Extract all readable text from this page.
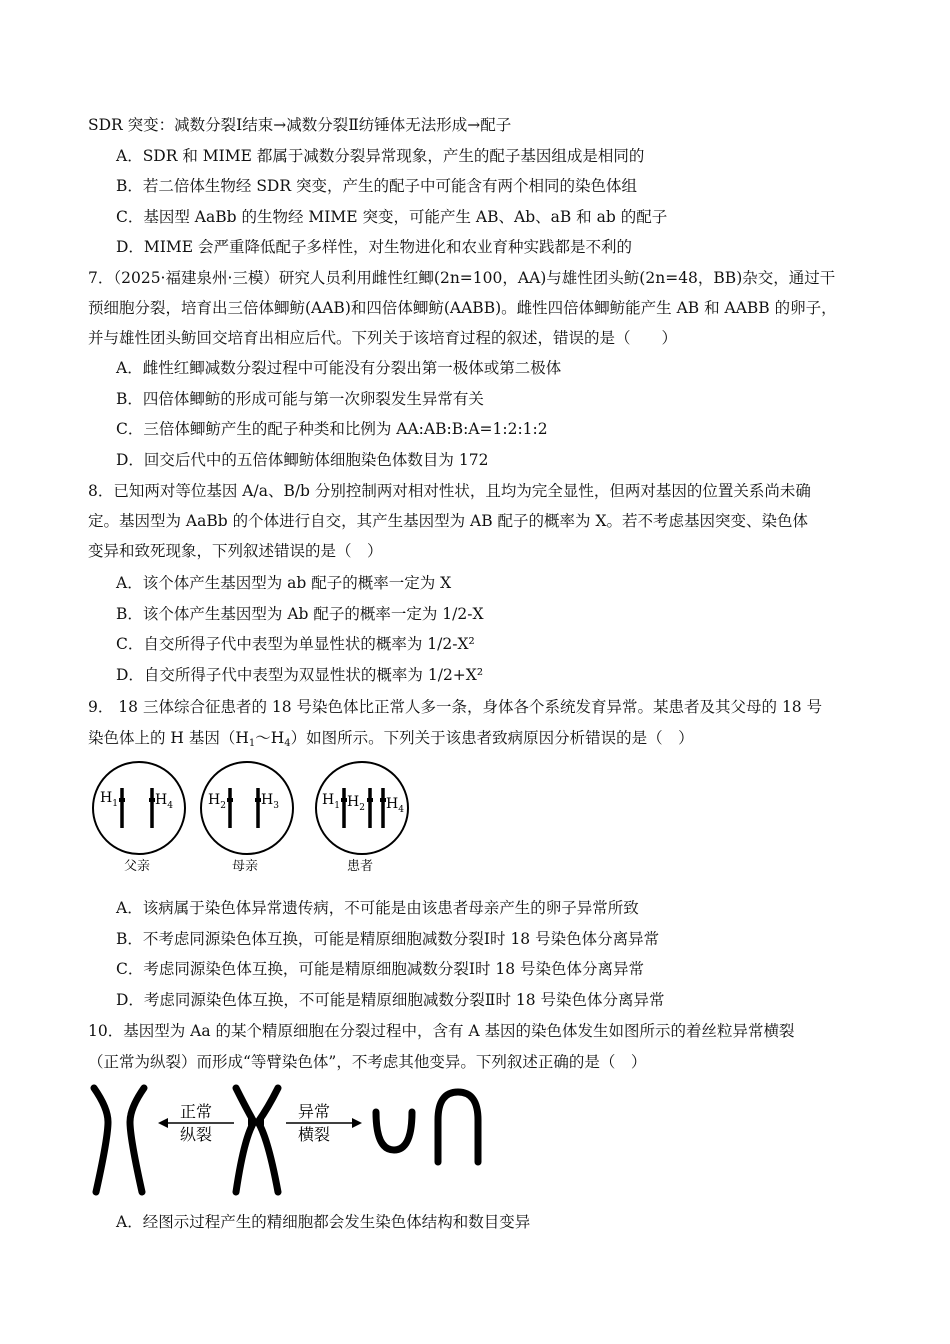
SDR 突变：减数分裂Ⅰ结束→减数分裂Ⅱ纺锤体无法形成→配子
A．SDR 和 MIME 都属于减数分裂异常现象，产生的配子基因组成是相同的
B．若二倍体生物经 SDR 突变，产生的配子中可能含有两个相同的染色体组
C．基因型 AaBb 的生物经 MIME 突变，可能产生 AB、Ab、aB 和 ab 的配子
D．MIME 会严重降低配子多样性，对生物进化和农业育种实践都是不利的
7．（2025·福建泉州·三模）研究人员利用雌性红鲫(2n=100，AA)与雄性团头鲂(2n=48，BB)杂交，通过干
预细胞分裂，培育出三倍体鲫鲂(AAB)和四倍体鲫鲂(AABB)。雌性四倍体鲫鲂能产生 AB 和 AABB 的卵子，
并与雄性团头鲂回交培育出相应后代。下列关于该培育过程的叙述，错误的是（　　）
A．雌性红鲫减数分裂过程中可能没有分裂出第一极体或第二极体
B．四倍体鲫鲂的形成可能与第一次卵裂发生异常有关
C．三倍体鲫鲂产生的配子种类和比例为 AA:AB:B:A=1:2:1:2
D．回交后代中的五倍体鲫鲂体细胞染色体数目为 172
8．已知两对等位基因 A/a、B/b 分别控制两对相对性状，且均为完全显性，但两对基因的位置关系尚未确
定。基因型为 AaBb 的个体进行自交，其产生基因型为 AB 配子的概率为 X。若不考虑基因突变、染色体
变异和致死现象，下列叙述错误的是（　）
A．该个体产生基因型为 ab 配子的概率一定为 X
B．该个体产生基因型为 Ab 配子的概率一定为 1/2-X
C．自交所得子代中表型为单显性状的概率为 1/2-X²
D．自交所得子代中表型为双显性状的概率为 1/2+X²
9． 18 三体综合征患者的 18 号染色体比正常人多一条，身体各个系统发育异常。某患者及其父母的 18 号
染色体上的 H 基因$(H_1\sim H_4)$如图所示。下列关于该患者致病原因分析错误的是（　）
$H_1$	$H_4$
父亲
$H_2$	$H_3$
母亲
$H_1$ $H_2$ $H_4$
患者
A．该病属于染色体异常遗传病，不可能是由该患者母亲产生的卵子异常所致
B．不考虑同源染色体互换，可能是精原细胞减数分裂Ⅰ时 18 号染色体分离异常
C．考虑同源染色体互换，可能是精原细胞减数分裂Ⅰ时 18 号染色体分离异常
D．考虑同源染色体互换，不可能是精原细胞减数分裂Ⅱ时 18 号染色体分离异常
10．基因型为 Aa 的某个精原细胞在分裂过程中，含有 A 基因的染色体发生如图所示的着丝粒异常横裂
（正常为纵裂）而形成“等臂染色体”，不考虑其他变异。下列叙述正确的是（　）
正常
纵裂
异常
横裂
A．经图示过程产生的精细胞都会发生染色体结构和数目变异
